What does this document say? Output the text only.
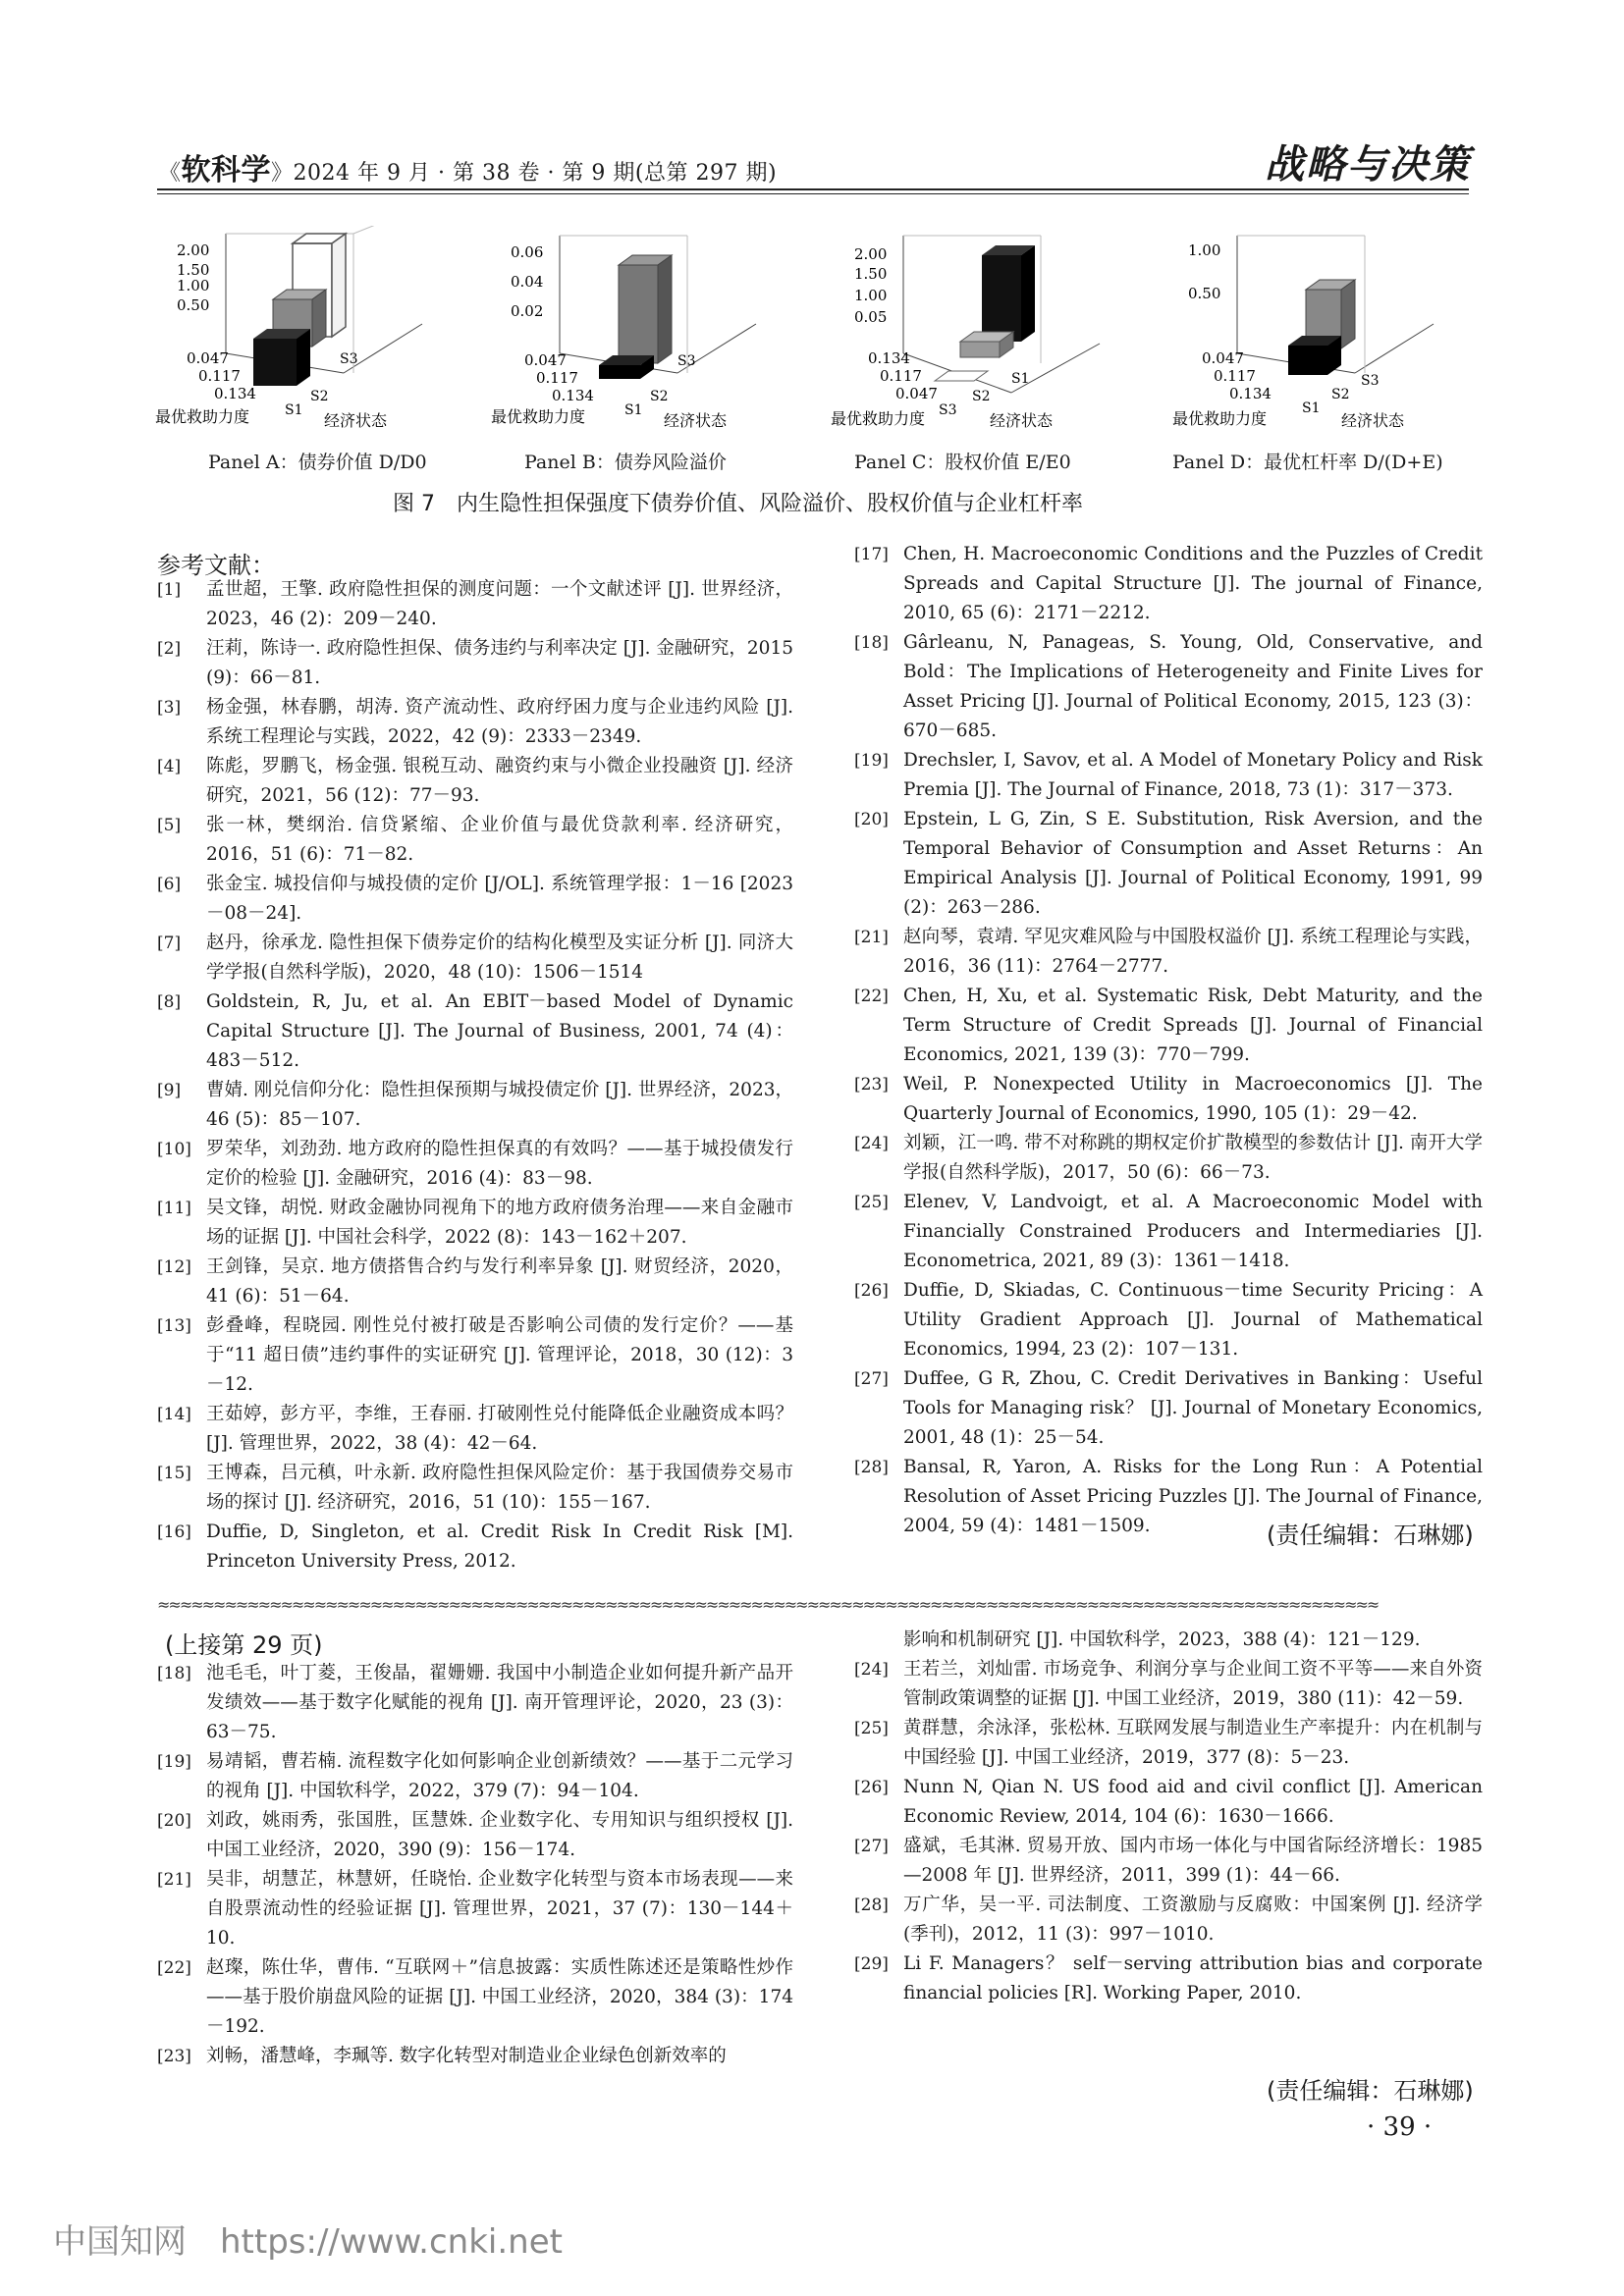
《软科学》2024 年 9 月 · 第 38 卷 · 第 9 期(总第 297 期)	战略与决策
2.00
1.50
1.00
0.50
0.047
0.117
0.134
S1
S2
S3
最优救助力度	经济状态
0.06
0.04
0.02
0.047
0.117
0.134
S1
S2
S3
最优救助力度	经济状态
2.00
1.50
1.00
0.05
0.134
0.117
0.047
S3
S2
S1
最优救助力度	经济状态
1.00
0.50
0.047
0.117
0.134
S1
S2
S3
最优救助力度	经济状态
Panel A：债券价值 D/D0	Panel B：债券风险溢价	Panel C：股权价值 E/E0	Panel D：最优杠杆率 D/(D+E)
图 7　内生隐性担保强度下债券价值、风险溢价、股权价值与企业杠杆率
参考文献：
[1]	孟世超，王擎. 政府隐性担保的测度问题：一个文献述评 [J]. 世界经济，2023，46 (2)：209－240.
[2]	汪莉，陈诗一. 政府隐性担保、债务违约与利率决定 [J]. 金融研究，2015 (9)：66－81.
[3]	杨金强，林春鹏，胡涛. 资产流动性、政府纾困力度与企业违约风险 [J]. 系统工程理论与实践，2022，42 (9)：2333－2349.
[4]	陈彪，罗鹏飞，杨金强. 银税互动、融资约束与小微企业投融资 [J]. 经济研究，2021，56 (12)：77－93.
[5]	张一林，樊纲治. 信贷紧缩、企业价值与最优贷款利率. 经济研究，2016，51 (6)：71－82.
[6]	张金宝. 城投信仰与城投债的定价 [J/OL]. 系统管理学报：1－16 [2023－08－24].
[7]	赵丹，徐承龙. 隐性担保下债券定价的结构化模型及实证分析 [J]. 同济大学学报(自然科学版)，2020，48 (10)：1506－1514
[8]	Goldstein, R, Ju, et al. An EBIT－based Model of Dynamic Capital Structure [J]. The Journal of Business, 2001, 74 (4)：483－512.
[9]	曹婧. 刚兑信仰分化：隐性担保预期与城投债定价 [J]. 世界经济，2023，46 (5)：85－107.
[10] 罗荣华，刘劲劲. 地方政府的隐性担保真的有效吗？——基于城投债发行定价的检验 [J]. 金融研究，2016 (4)：83－98.
[11] 吴文锋，胡悦. 财政金融协同视角下的地方政府债务治理——来自金融市场的证据 [J]. 中国社会科学，2022 (8)：143－162＋207.
[12] 王剑锋，吴京. 地方债搭售合约与发行利率异象 [J]. 财贸经济，2020，41 (6)：51－64.
[13] 彭叠峰，程晓园. 刚性兑付被打破是否影响公司债的发行定价？——基于“11 超日债”违约事件的实证研究 [J]. 管理评论，2018，30 (12)：3－12.
[14] 王茹婷，彭方平，李维，王春丽. 打破刚性兑付能降低企业融资成本吗？ [J]. 管理世界，2022，38 (4)：42－64.
[15] 王博森，吕元稹，叶永新. 政府隐性担保风险定价：基于我国债券交易市场的探讨 [J]. 经济研究，2016，51 (10)：155－167.
[16] Duffie, D, Singleton, et al. Credit Risk In Credit Risk [M]. Princeton University Press, 2012.
[17] Chen, H. Macroeconomic Conditions and the Puzzles of Credit Spreads and Capital Structure [J]. The journal of Finance, 2010, 65 (6)：2171－2212.
[18] Gârleanu, N, Panageas, S. Young, Old, Conservative, and Bold：The Implications of Heterogeneity and Finite Lives for Asset Pricing [J]. Journal of Political Economy, 2015, 123 (3)：670－685.
[19] Drechsler, I, Savov, et al. A Model of Monetary Policy and Risk Premia [J]. The Journal of Finance, 2018, 73 (1)：317－373.
[20] Epstein, L G, Zin, S E. Substitution, Risk Aversion, and the Temporal Behavior of Consumption and Asset Returns：An Empirical Analysis [J]. Journal of Political Economy, 1991, 99 (2)：263－286.
[21] 赵向琴，袁靖. 罕见灾难风险与中国股权溢价 [J]. 系统工程理论与实践，2016，36 (11)：2764－2777.
[22] Chen, H, Xu, et al. Systematic Risk, Debt Maturity, and the Term Structure of Credit Spreads [J]. Journal of Financial Economics, 2021, 139 (3)：770－799.
[23] Weil, P. Nonexpected Utility in Macroeconomics [J]. The Quarterly Journal of Economics, 1990, 105 (1)：29－42.
[24] 刘颖，江一鸣. 带不对称跳的期权定价扩散模型的参数估计 [J]. 南开大学学报(自然科学版)，2017，50 (6)：66－73.
[25] Elenev, V, Landvoigt, et al. A Macroeconomic Model with Financially Constrained Producers and Intermediaries [J]. Econometrica, 2021, 89 (3)：1361－1418.
[26] Duffie, D, Skiadas, C. Continuous－time Security Pricing：A Utility Gradient Approach [J]. Journal of Mathematical Economics, 1994, 23 (2)：107－131.
[27] Duffee, G R, Zhou, C. Credit Derivatives in Banking：Useful Tools for Managing risk？ [J]. Journal of Monetary Economics, 2001, 48 (1)：25－54.
[28] Bansal, R, Yaron, A. Risks for the Long Run：A Potential Resolution of Asset Pricing Puzzles [J]. The Journal of Finance, 2004, 59 (4)：1481－1509.	(责任编辑：石琳娜)
≈≈≈≈≈≈≈≈≈≈≈≈≈≈≈≈≈≈≈≈≈≈≈≈≈≈≈≈≈≈≈≈≈≈≈≈≈≈≈≈≈≈≈≈≈≈≈≈≈≈≈≈≈≈≈≈≈≈≈≈≈≈≈≈≈≈≈≈≈≈≈≈≈≈≈≈≈≈≈≈≈≈≈≈≈≈≈≈≈≈≈≈≈≈≈≈≈≈≈≈≈≈≈≈≈≈≈≈≈
(上接第 29 页)
[18] 池毛毛，叶丁菱，王俊晶，翟姗姗. 我国中小制造企业如何提升新产品开发绩效——基于数字化赋能的视角 [J]. 南开管理评论，2020，23 (3)：63－75.
[19] 易靖韬，曹若楠. 流程数字化如何影响企业创新绩效？——基于二元学习的视角 [J]. 中国软科学，2022，379 (7)：94－104.
[20] 刘政，姚雨秀，张国胜，匡慧姝. 企业数字化、专用知识与组织授权 [J]. 中国工业经济，2020，390 (9)：156－174.
[21] 吴非，胡慧芷，林慧妍，任晓怡. 企业数字化转型与资本市场表现——来自股票流动性的经验证据 [J]. 管理世界，2021，37 (7)：130－144＋10.
[22] 赵璨，陈仕华，曹伟. “互联网＋”信息披露：实质性陈述还是策略性炒作——基于股价崩盘风险的证据 [J]. 中国工业经济，2020，384 (3)：174－192.
[23] 刘畅，潘慧峰，李珮等. 数字化转型对制造业企业绿色创新效率的
影响和机制研究 [J]. 中国软科学，2023，388 (4)：121－129.
[24] 王若兰，刘灿雷. 市场竞争、利润分享与企业间工资不平等——来自外资管制政策调整的证据 [J]. 中国工业经济，2019，380 (11)：42－59.
[25] 黄群慧，余泳泽，张松林. 互联网发展与制造业生产率提升：内在机制与中国经验 [J]. 中国工业经济，2019，377 (8)：5－23.
[26] Nunn N, Qian N. US food aid and civil conflict [J]. American Economic Review, 2014, 104 (6)：1630－1666.
[27] 盛斌，毛其淋. 贸易开放、国内市场一体化与中国省际经济增长：1985—2008 年 [J]. 世界经济，2011，399 (1)：44－66.
[28] 万广华，吴一平. 司法制度、工资激励与反腐败：中国案例 [J]. 经济学(季刊)，2012，11 (3)：997－1010.
[29] Li F. Managers？ self－serving attribution bias and corporate financial policies [R]. Working Paper, 2010.
(责任编辑：石琳娜)
· 39 ·
中国知网　https://www.cnki.net
